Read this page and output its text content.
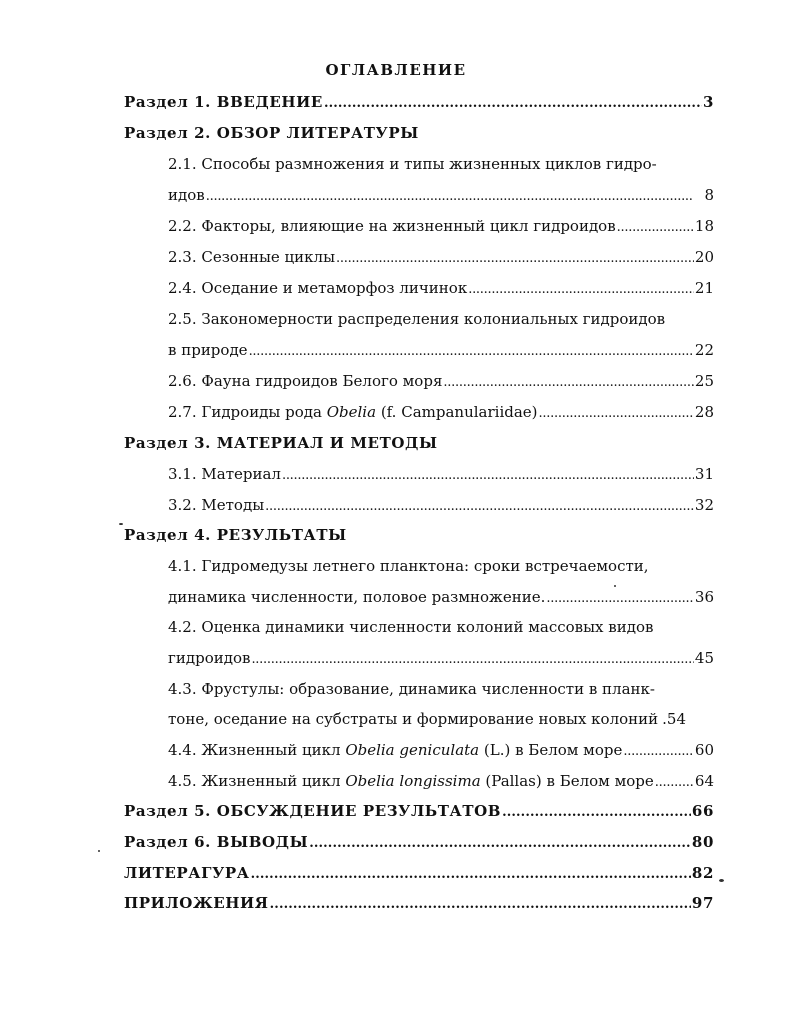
ОГЛАВЛЕНИЕ
Раздел 1. ВВЕДЕНИЕ . . .	3
Раздел 2. ОБЗОР ЛИТЕРАТУРЫ
2.1. Способы размножения и типы жизненных циклов гидро-
идов . . .	8
2.2. Факторы, влияющие на жизненный цикл гидроидов . . .	18
2.3. Сезонные циклы . . .	20
2.4. Оседание и метаморфоз личинок . . .	21
2.5. Закономерности распределения колониальных гидроидов
в природе . . .	22
2.6. Фауна гидроидов Белого моря . . .	25
2.7. Гидроиды рода Obelia (f. Campanulariidae) . . .	28
Раздел 3. МАТЕРИАЛ И МЕТОДЫ
3.1. Материал . . .	31
3.2. Методы . . .	32
Раздел 4. РЕЗУЛЬТАТЫ
4.1. Гидромедузы летнего планктона: сроки встречаемости,
динамика численности, половое размножение. . . .	36
4.2. Оценка динамики численности колоний массовых видов
гидроидов . . .	45
4.3. Фрустулы: образование, динамика численности в планк-
тоне, оседание на субстраты и формирование новых колоний .54
4.4. Жизненный цикл Obelia geniculata (L.) в Белом море . . .	60
4.5. Жизненный цикл Obelia longissima (Pallas) в Белом море . . .	64
Раздел 5. ОБСУЖДЕНИЕ РЕЗУЛЬТАТОВ . . .	66
Раздел 6. ВЫВОДЫ . . .	80
ЛИТЕРАГУРА . . .	82
ПРИЛОЖЕНИЯ . . .	97
